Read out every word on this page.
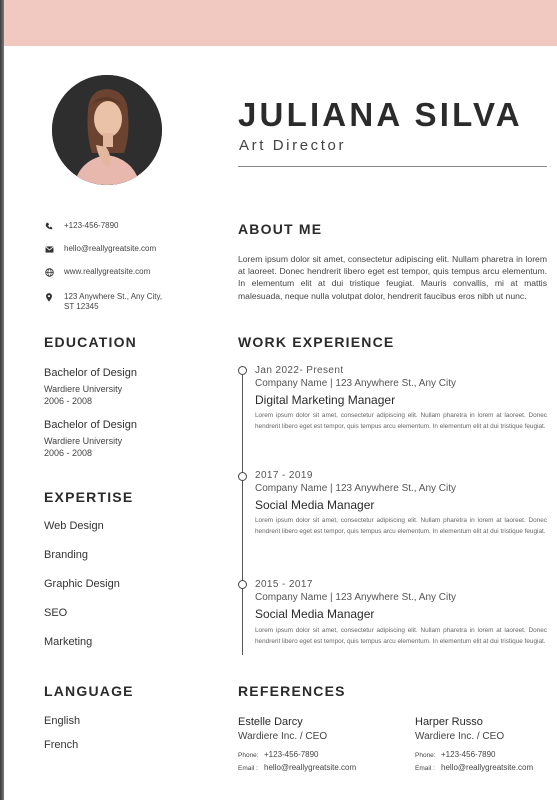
JULIANA SILVA
Art Director
+123-456-7890
hello@reallygreatsite.com
www.reallygreatsite.com
123 Anywhere St., Any City,
ST 12345
EDUCATION
Bachelor of Design
Wardiere University
2006 - 2008
Bachelor of Design
Wardiere University
2006 - 2008
EXPERTISE
Web Design
Branding
Graphic Design
SEO
Marketing
LANGUAGE
English
French
ABOUT ME
Lorem ipsum dolor sit amet, consectetur adipiscing elit. Nullam pharetra in lorem at laoreet. Donec hendrerit libero eget est tempor, quis tempus arcu elementum. In elementum elit at dui tristique feugiat. Mauris convallis, mi at mattis malesuada, neque nulla volutpat dolor, hendrerit faucibus eros nibh ut nunc.
WORK EXPERIENCE
Jan 2022- Present
Company Name | 123 Anywhere St., Any City
Digital Marketing Manager
Lorem ipsum dolor sit amet, consectetur adipiscing elit. Nullam pharetra in lorem at laoreet. Donec hendrerit libero eget est tempor, quis tempus arcu elementum. In elementum elit at dui tristique feugiat.
2017 - 2019
Company Name | 123 Anywhere St., Any City
Social Media Manager
Lorem ipsum dolor sit amet, consectetur adipiscing elit. Nullam pharetra in lorem at laoreet. Donec hendrerit libero eget est tempor, quis tempus arcu elementum. In elementum elit at dui tristique feugiat.
2015 - 2017
Company Name | 123 Anywhere St., Any City
Social Media Manager
Lorem ipsum dolor sit amet, consectetur adipiscing elit. Nullam pharetra in lorem at laoreet. Donec hendrerit libero eget est tempor, quis tempus arcu elementum. In elementum elit at dui tristique feugiat.
REFERENCES
Estelle Darcy
Wardiere Inc. / CEO
Phone: +123-456-7890
Email : hello@reallygreatsite.com
Harper Russo
Wardiere Inc. / CEO
Phone: +123-456-7890
Email : hello@reallygreatsite.com
